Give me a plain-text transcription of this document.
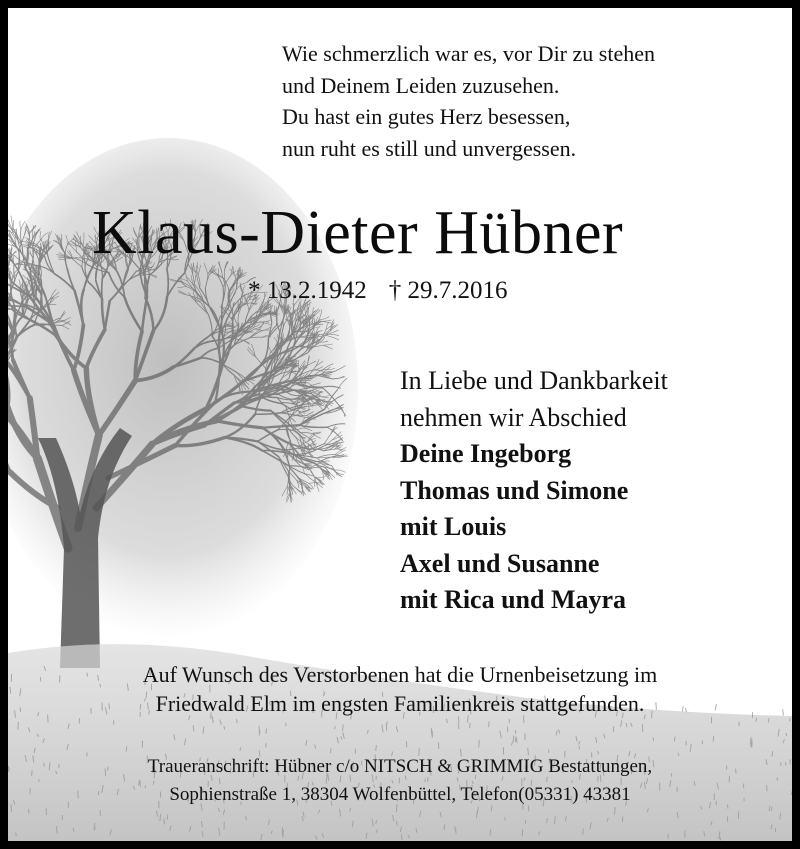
Wie schmerzlich war es, vor Dir zu stehen
und Deinem Leiden zuzusehen.
Du hast ein gutes Herz besessen,
nun ruht es still und unvergessen.
Klaus-Dieter Hübner
* 13.2.1942 † 29.7.2016
In Liebe und Dankbarkeit
nehmen wir Abschied
Deine Ingeborg
Thomas und Simone
mit Louis
Axel und Susanne
mit Rica und Mayra
Auf Wunsch des Verstorbenen hat die Urnenbeisetzung im
Friedwald Elm im engsten Familienkreis stattgefunden.
Traueranschrift: Hübner c/o NITSCH & GRIMMIG Bestattungen,
Sophienstraße 1, 38304 Wolfenbüttel, Telefon(05331) 43381
